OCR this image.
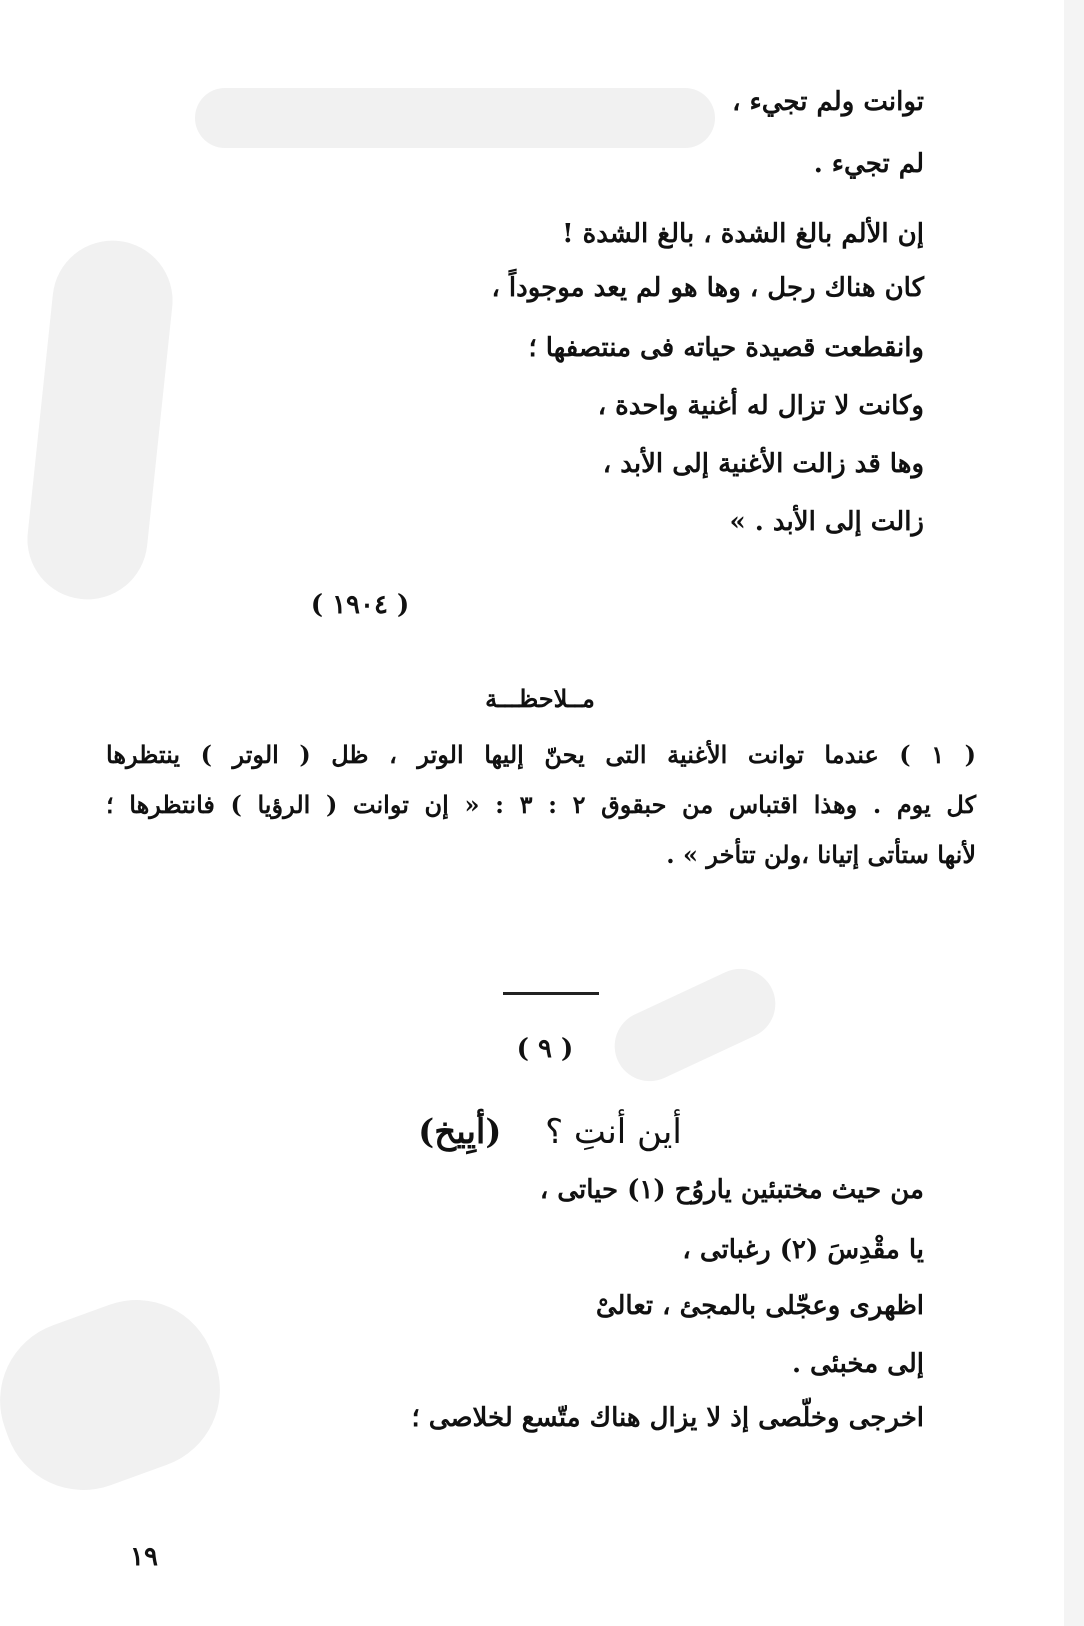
توانت ولم تجيء ،
لم تجيء .
إن الألم بالغ الشدة ، بالغ الشدة !
كان هناك رجل ، وها هو لم يعد موجوداً ،
وانقطعت قصيدة حياته فى منتصفها ؛
وكانت لا تزال له أغنية واحدة ،
وها قد زالت الأغنية إلى الأبد ،
زالت إلى الأبد . »
( ١٩٠٤ )
مــلاحظـــة
( ١ ) عندما توانت الأغنية التى يحنّ إليها الوتر ، ظل ( الوتر ) ينتظرها
كل يوم . وهذا اقتباس من حبقوق ٢ : ٣ : « إن توانت ( الرؤيا ) فانتظرها ؛
لأنها ستأتى إتيانا ،ولن تتأخر » .
( ٩ )
أين أنتِ ؟  (أيِيخ)
من حيث مختبئين ياروُح (١) حياتى ،
يا مقْدِسَ (٢) رغباتى ،
اظهرى وعجّلى بالمجئ ، تعالىْ
إلى مخبئى .
اخرجى وخلّصى إذ لا يزال هناك متّسع لخلاصى ؛
١٩
